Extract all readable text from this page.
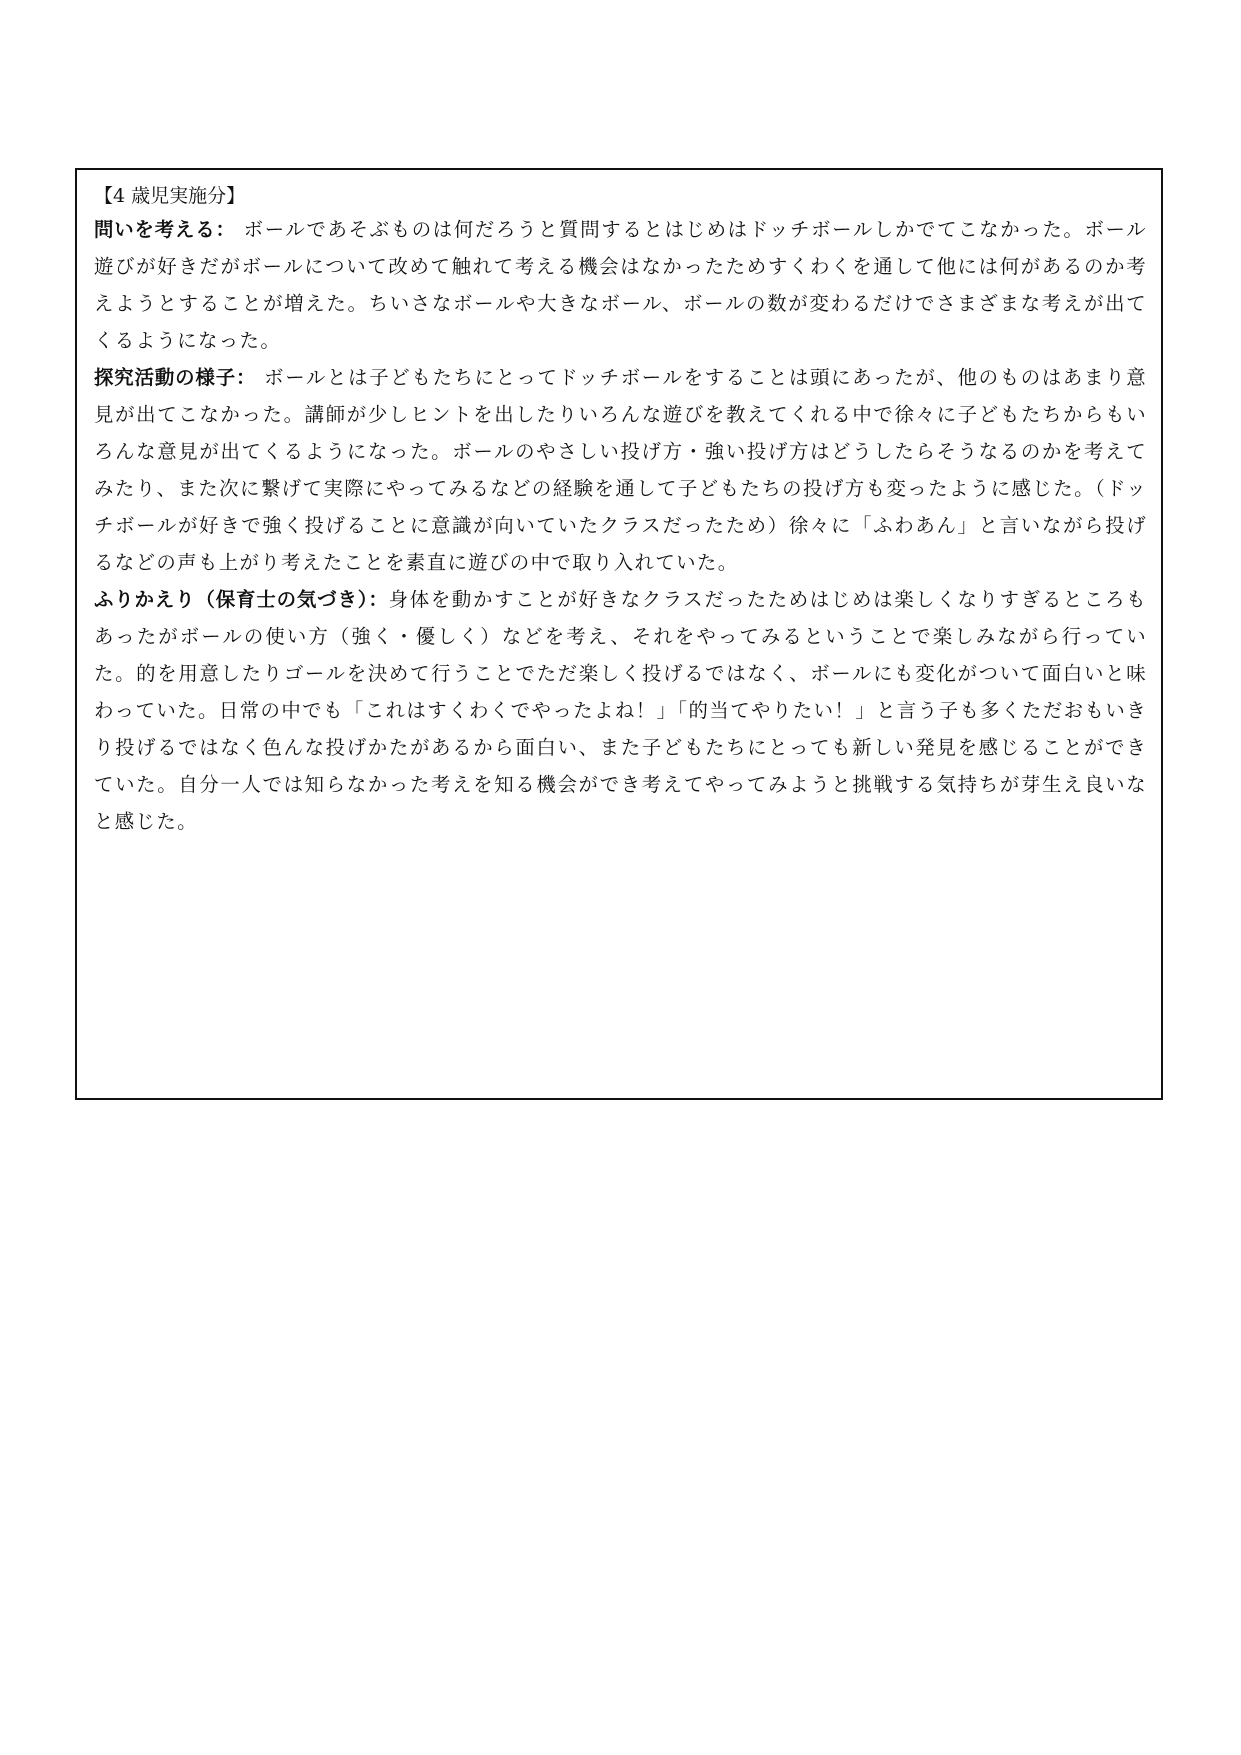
【4 歳児実施分】

問いを考える： ボールであそぶものは何だろうと質問するとはじめはドッチボールしかでてこなかった。ボール遊びが好きだがボールについて改めて触れて考える機会はなかったためすくわくを通して他には何があるのか考えようとすることが増えた。ちいさなボールや大きなボール、ボールの数が変わるだけでさまざまな考えが出てくるようになった。

探究活動の様子： ボールとは子どもたちにとってドッチボールをすることは頭にあったが、他のものはあまり意見が出てこなかった。講師が少しヒントを出したりいろんな遊びを教えてくれる中で徐々に子どもたちからもいろんな意見が出てくるようになった。ボールのやさしい投げ方・強い投げ方はどうしたらそうなるのかを考えてみたり、また次に繋げて実際にやってみるなどの経験を通して子どもたちの投げ方も変ったように感じた。（ドッチボールが好きで強く投げることに意識が向いていたクラスだったため）徐々に「ふわあん」と言いながら投げるなどの声も上がり考えたことを素直に遊びの中で取り入れていた。

ふりかえり（保育士の気づき）：身体を動かすことが好きなクラスだったためはじめは楽しくなりすぎるところもあったがボールの使い方（強く・優しく）などを考え、それをやってみるということで楽しみながら行っていた。的を用意したりゴールを決めて行うことでただ楽しく投げるではなく、ボールにも変化がついて面白いと味わっていた。日常の中でも「これはすくわくでやったよね！」「的当てやりたい！」と言う子も多くただおもいきり投げるではなく色んな投げかたがあるから面白い、また子どもたちにとっても新しい発見を感じることができていた。自分一人では知らなかった考えを知る機会ができ考えてやってみようと挑戦する気持ちが芽生え良いなと感じた。
